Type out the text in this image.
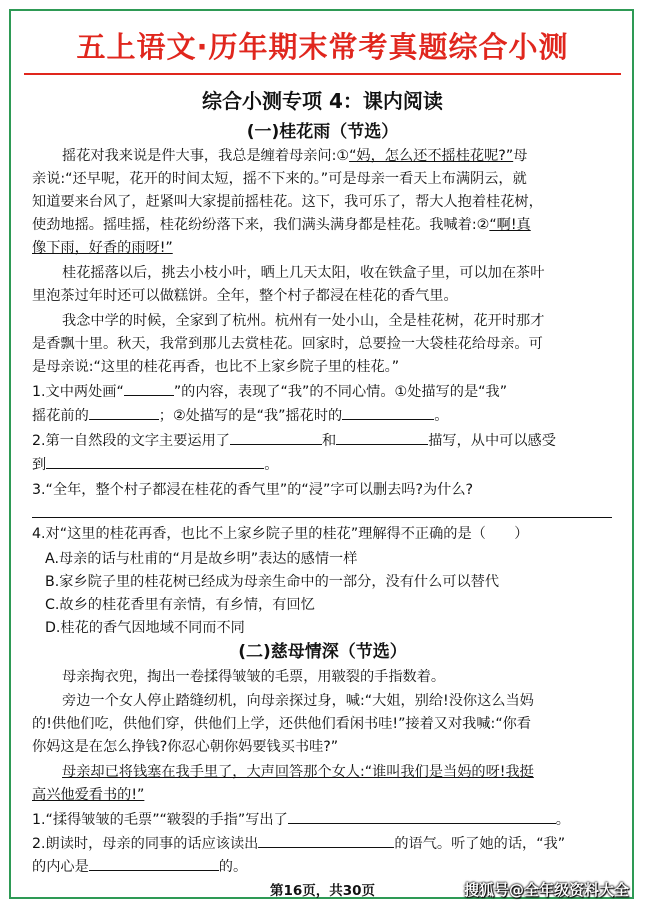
五上语文·历年期末常考真题综合小测
综合小测专项 4：课内阅读
(一)桂花雨（节选）
摇花对我来说是件大事，我总是缠着母亲问:①“妈，怎么还不摇桂花呢?”母
亲说:“还早呢，花开的时间太短，摇不下来的。”可是母亲一看天上布满阴云，就
知道要来台风了，赶紧叫大家提前摇桂花。这下，我可乐了，帮大人抱着桂花树，
使劲地摇。摇哇摇，桂花纷纷落下来，我们满头满身都是桂花。我喊着:②“啊!真
像下雨，好香的雨呀!”
桂花摇落以后，挑去小枝小叶，晒上几天太阳，收在铁盒子里，可以加在茶叶
里泡茶过年时还可以做糕饼。全年，整个村子都浸在桂花的香气里。
我念中学的时候，全家到了杭州。杭州有一处小山，全是桂花树，花开时那才
是香飘十里。秋天，我常到那儿去赏桂花。回家时，总要捡一大袋桂花给母亲。可
是母亲说:“这里的桂花再香，也比不上家乡院子里的桂花。”
1.文中两处画“	”的内容，表现了“我”的不同心情。①处描写的是“我”
摇花前的	；②处描写的是“我”摇花时的	。
2.第一自然段的文字主要运用了	和	描写，从中可以感受
到	。
3.“全年，整个村子都浸在桂花的香气里”的“浸”字可以删去吗?为什么?
4.对“这里的桂花再香，也比不上家乡院子里的桂花”理解得不正确的是（　　）
A.母亲的话与杜甫的“月是故乡明”表达的感情一样
B.家乡院子里的桂花树已经成为母亲生命中的一部分，没有什么可以替代
C.故乡的桂花香里有亲情，有乡情，有回忆
D.桂花的香气因地域不同而不同
(二)慈母情深（节选）
母亲掏衣兜，掏出一卷揉得皱皱的毛票，用皲裂的手指数着。
旁边一个女人停止踏缝纫机，向母亲探过身，喊:“大姐，别给!没你这么当妈
的!供他们吃，供他们穿，供他们上学，还供他们看闲书哇!”接着又对我喊:“你看
你妈这是在怎么挣钱?你忍心朝你妈要钱买书哇?”
母亲却已将钱塞在我手里了，大声回答那个女人:“谁叫我们是当妈的呀!我挺
高兴他爱看书的!”
1.“揉得皱皱的毛票”“皲裂的手指”写出了	。
2.朗读时，母亲的同事的话应该读出	的语气。听了她的话，“我”
的内心是	的。
第16页，共30页	搜狐号@全年级资料大全
